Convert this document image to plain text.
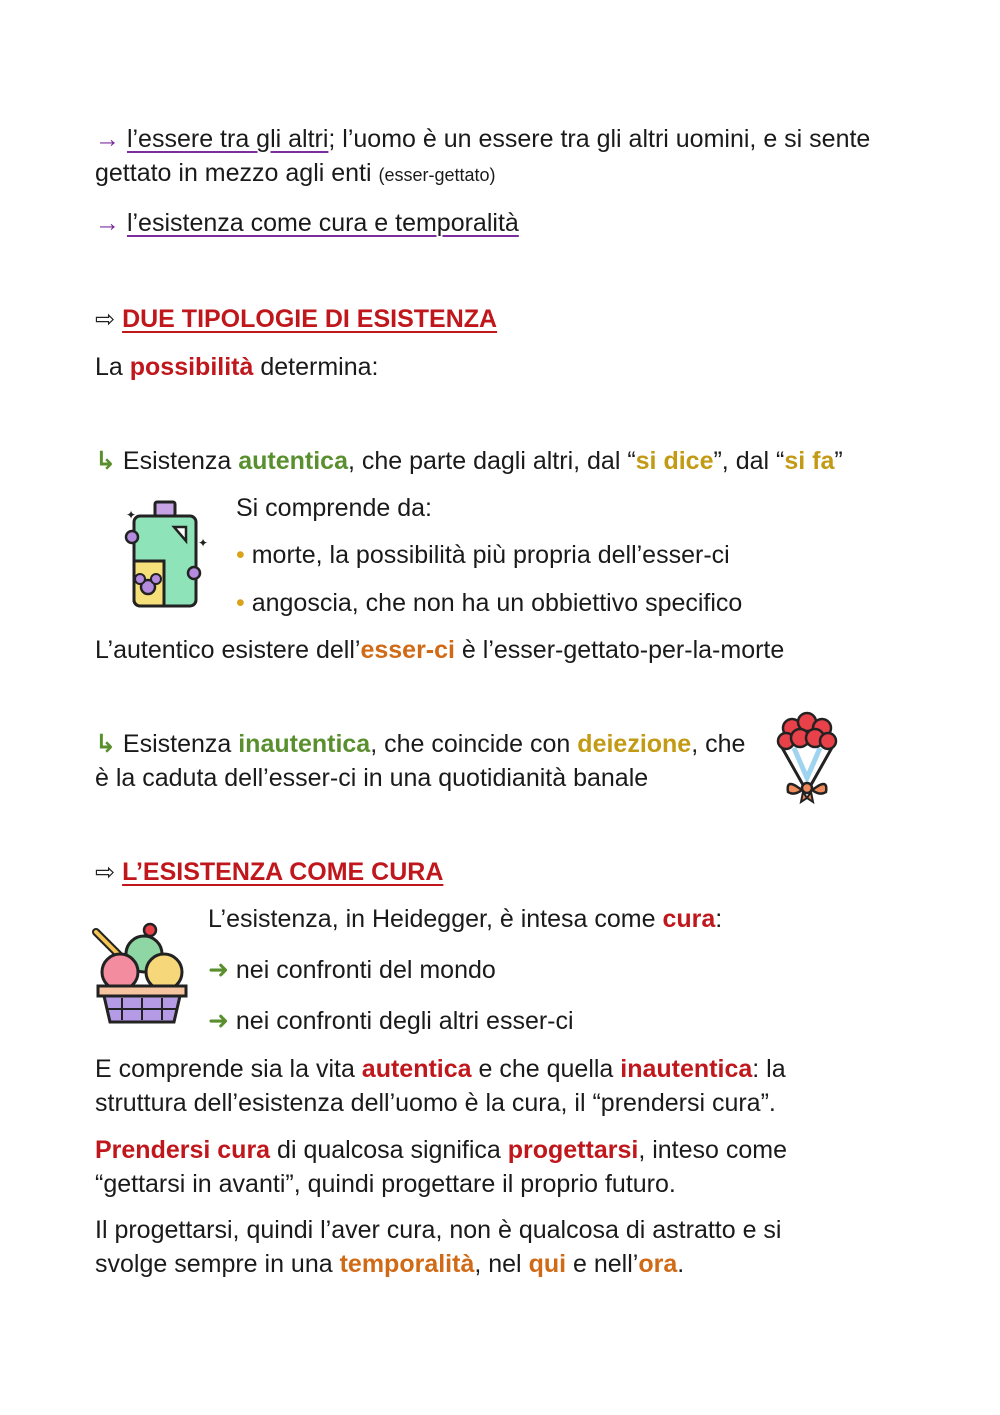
→ l’essere tra gli altri; l’uomo è un essere tra gli altri uomini, e si sente gettato in mezzo agli enti (esser-gettato)

→ l’esistenza come cura e temporalità

⇨ DUE TIPOLOGIE DI ESISTENZA

La possibilità determina:

↳ Esistenza autentica, che parte dagli altri, dal “si dice”, dal “si fa”

✦
✦

Si comprende da:

• morte, la possibilità più propria dell’esser-ci

• angoscia, che non ha un obbiettivo specifico

L’autentico esistere dell’esser-ci è l’esser-gettato-per-la-morte

↳ Esistenza inautentica, che coincide con deiezione, che è la caduta dell’esser-ci in una quotidianità banale

⇨ L’ESISTENZA COME CURA

L’esistenza, in Heidegger, è intesa come cura:

➜ nei confronti del mondo

➜ nei confronti degli altri esser-ci

E comprende sia la vita autentica e che quella inautentica: la struttura dell’esistenza dell’uomo è la cura, il “prendersi cura”.

Prendersi cura di qualcosa significa progettarsi, inteso come “gettarsi in avanti”, quindi progettare il proprio futuro.

Il progettarsi, quindi l’aver cura, non è qualcosa di astratto e si svolge sempre in una temporalità, nel qui e nell’ora.
